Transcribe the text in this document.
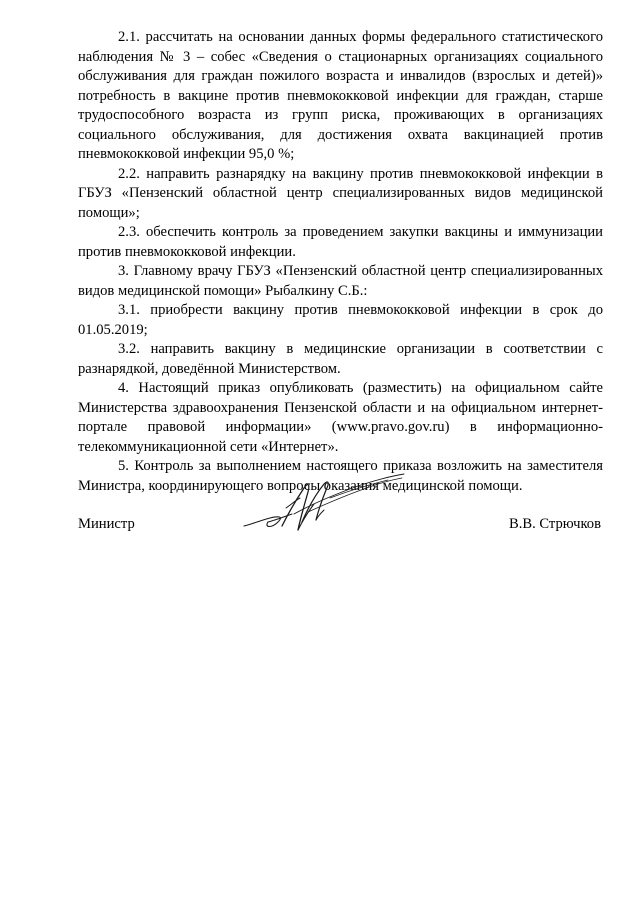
2.1. рассчитать на основании данных формы федерального статистического наблюдения № 3 – собес «Сведения о стационарных организациях социального обслуживания для граждан пожилого возраста и инвалидов (взрослых и детей)» потребность в вакцине против пневмококковой инфекции для граждан, старше трудоспособного возраста из групп риска, проживающих в организациях социального обслуживания, для достижения охвата вакцинацией против пневмококковой инфекции 95,0 %;

2.2. направить разнарядку на вакцину против пневмококковой инфекции в ГБУЗ «Пензенский областной центр специализированных видов медицинской помощи»;

2.3. обеспечить контроль за проведением закупки вакцины и иммунизации против пневмококковой инфекции.

3. Главному врачу ГБУЗ «Пензенский областной центр специализированных видов медицинской помощи» Рыбалкину С.Б.:

3.1. приобрести вакцину против пневмококковой инфекции в срок до 01.05.2019;

3.2. направить вакцину в медицинские организации в соответствии с разнарядкой, доведённой Министерством.

4. Настоящий приказ опубликовать (разместить) на официальном сайте Министерства здравоохранения Пензенской области и на официальном интернет-портале правовой информации» (www.pravo.gov.ru) в информационно-телекоммуникационной сети «Интернет».

5. Контроль за выполнением настоящего приказа возложить на заместителя Министра, координирующего вопросы оказания медицинской помощи.

Министр	В.В. Стрючков
